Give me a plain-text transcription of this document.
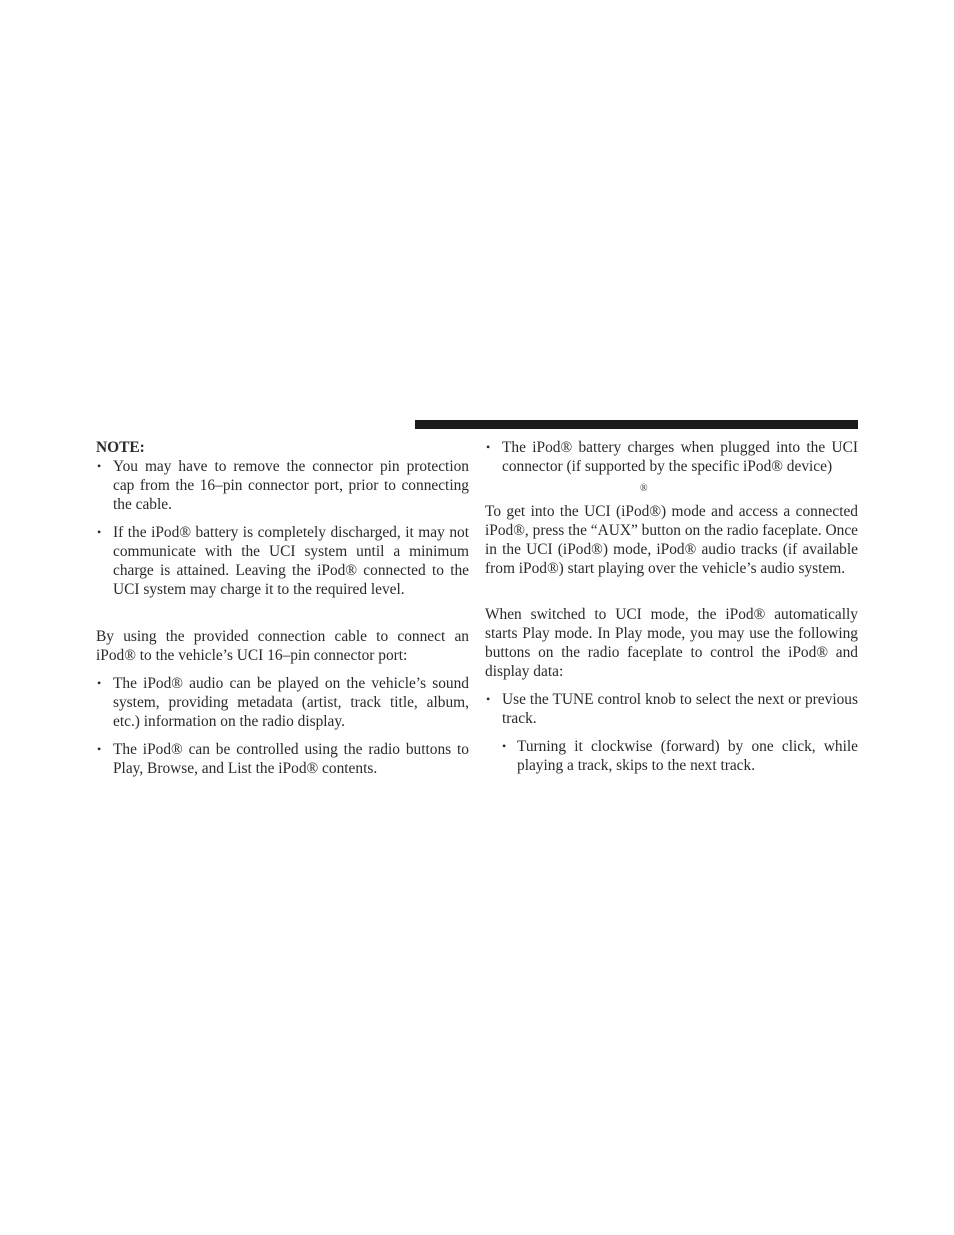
NOTE:

• You may have to remove the connector pin protection cap from the 16–pin connector port, prior to connecting the cable.
• If the iPod® battery is completely discharged, it may not communicate with the UCI system until a minimum charge is attained. Leaving the iPod® connected to the UCI system may charge it to the required level.

By using the provided connection cable to connect an iPod® to the vehicle’s UCI 16–pin connector port:

• The iPod® audio can be played on the vehicle’s sound system, providing metadata (artist, track title, album, etc.) information on the radio display.
• The iPod® can be controlled using the radio buttons to Play, Browse, and List the iPod® contents.
• The iPod® battery charges when plugged into the UCI connector (if supported by the specific iPod® device)
®

To get into the UCI (iPod®) mode and access a connected iPod®, press the “AUX” button on the radio faceplate. Once in the UCI (iPod®) mode, iPod® audio tracks (if available from iPod®) start playing over the vehicle’s audio system.

When switched to UCI mode, the iPod® automatically starts Play mode. In Play mode, you may use the following buttons on the radio faceplate to control the iPod® and display data:

• Use the TUNE control knob to select the next or previous track.
• Turning it clockwise (forward) by one click, while playing a track, skips to the next track.
